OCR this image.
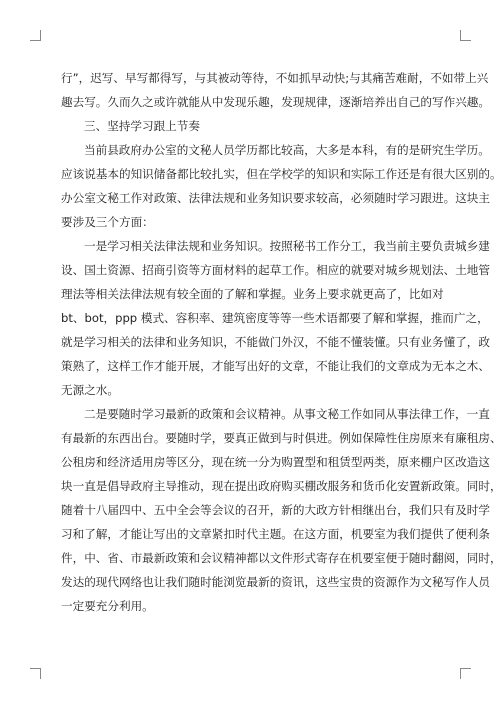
行”，迟写、早写都得写，与其被动等待，不如抓早动快;与其痛苦难耐，不如带上兴
趣去写。久而久之或许就能从中发现乐趣，发现规律，逐渐培养出自己的写作兴趣。
三、坚持学习跟上节奏
当前县政府办公室的文秘人员学历都比较高，大多是本科，有的是研究生学历。
应该说基本的知识储备都比较扎实，但在学校学的知识和实际工作还是有很大区别的。
办公室文秘工作对政策、法律法规和业务知识要求较高，必须随时学习跟进。这块主
要涉及三个方面：
一是学习相关法律法规和业务知识。按照秘书工作分工，我当前主要负责城乡建
设、国土资源、招商引资等方面材料的起草工作。相应的就要对城乡规划法、土地管
理法等相关法律法规有较全面的了解和掌握。业务上要求就更高了，比如对
bt、bot，ppp 模式、容积率、建筑密度等等一些术语都要了解和掌握，推而广之，
就是学习相关的法律和业务知识，不能做门外汉，不能不懂装懂。只有业务懂了，政
策熟了，这样工作才能开展，才能写出好的文章，不能让我们的文章成为无本之木、
无源之水。
二是要随时学习最新的政策和会议精神。从事文秘工作如同从事法律工作，一直
有最新的东西出台。要随时学，要真正做到与时俱进。例如保障性住房原来有廉租房、
公租房和经济适用房等区分，现在统一分为购置型和租赁型两类，原来棚户区改造这
块一直是倡导政府主导推动，现在提出政府购买棚改服务和货币化安置新政策。同时，
随着十八届四中、五中全会等会议的召开，新的大政方针相继出台，我们只有及时学
习和了解，才能让写出的文章紧扣时代主题。在这方面，机要室为我们提供了便利条
件，中、省、市最新政策和会议精神都以文件形式寄存在机要室便于随时翻阅，同时，
发达的现代网络也让我们随时能浏览最新的资讯，这些宝贵的资源作为文秘写作人员
一定要充分利用。
